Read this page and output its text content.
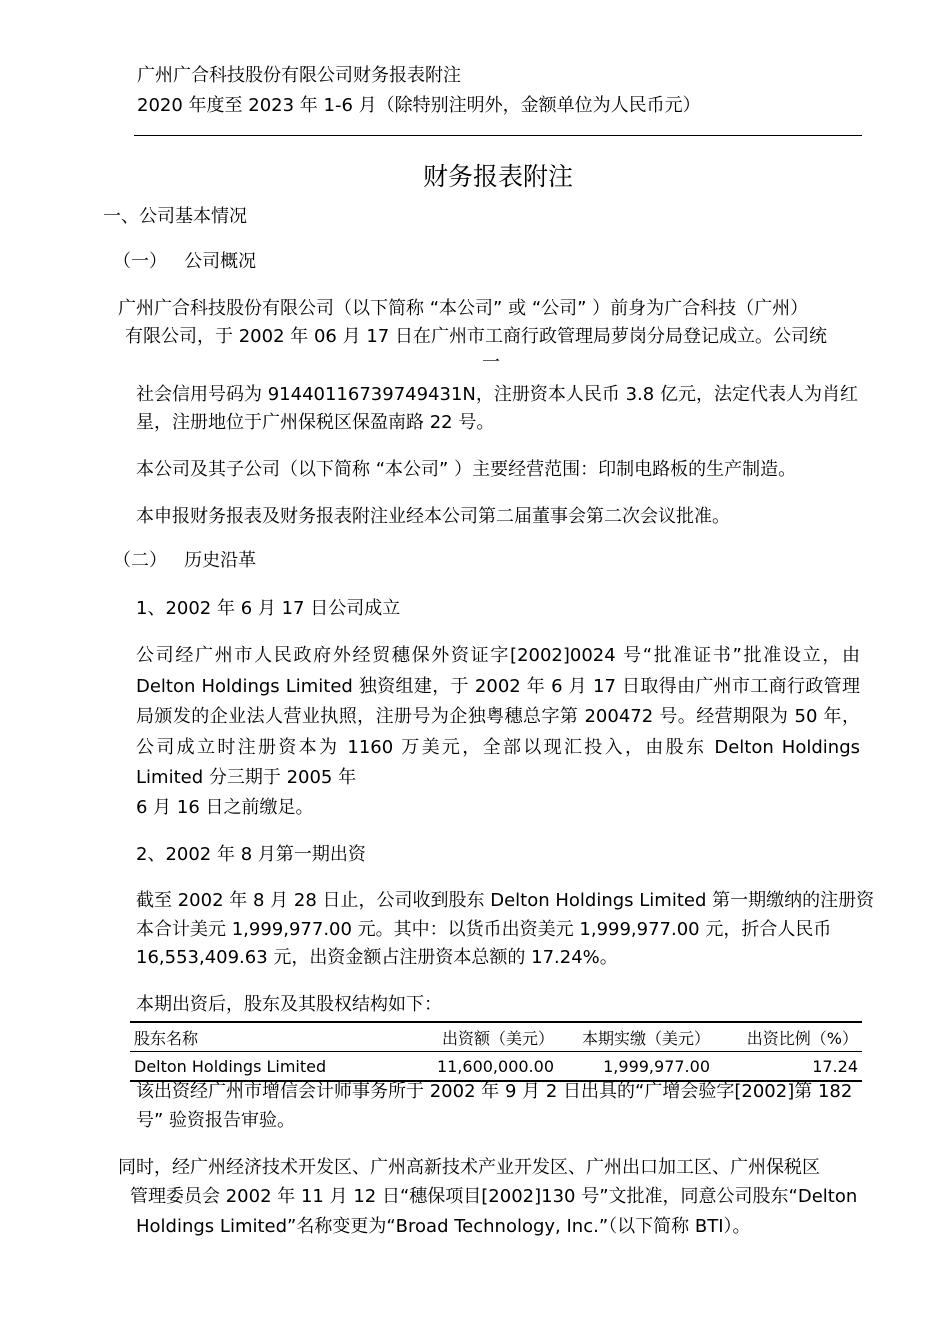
广州广合科技股份有限公司财务报表附注
2020 年度至 2023 年 1-6 月（除特别注明外，金额单位为人民币元）
财务报表附注
一、公司基本情况
（一）   公司概况
广州广合科技股份有限公司（以下简称 “本公司” 或 “公司” ）前身为广合科技（广州）
有限公司，于 2002 年 06 月 17 日在广州市工商行政管理局萝岗分局登记成立。公司统
一
社会信用号码为 91440116739749431N，注册资本人民币 3.8 亿元，法定代表人为肖红
星，注册地位于广州保税区保盈南路 22 号。
本公司及其子公司（以下简称 “本公司” ）主要经营范围：印制电路板的生产制造。
本申报财务报表及财务报表附注业经本公司第二届董事会第二次会议批准。
（二）   历史沿革
1、2002 年 6 月 17 日公司成立
公司经广州市人民政府外经贸穗保外资证字[2002]0024 号“批准证书”批准设立，由 Delton Holdings Limited 独资组建，于 2002 年 6 月 17 日取得由广州市工商行政管理局颁发的企业法人营业执照，注册号为企独粤穗总字第 200472 号。经营期限为 50 年，公司成立时注册资本为 1160 万美元，全部以现汇投入，由股东 Delton Holdings Limited 分三期于 2005 年
6 月 16 日之前缴足。
2、2002 年 8 月第一期出资
截至 2002 年 8 月 28 日止，公司收到股东 Delton Holdings Limited 第一期缴纳的注册资
本合计美元 1,999,977.00 元。其中：以货币出资美元 1,999,977.00 元，折合人民币
16,553,409.63 元，出资金额占注册资本总额的 17.24%。
本期出资后，股东及其股权结构如下：
股东名称	出资额（美元）	本期实缴（美元）	出资比例（%）
Delton Holdings Limited	11,600,000.00	1,999,977.00	17.24
该出资经广州市增信会计师事务所于 2002 年 9 月 2 日出具的“广增会验字[2002]第 182
号” 验资报告审验。
同时，经广州经济技术开发区、广州高新技术产业开发区、广州出口加工区、广州保税区
管理委员会 2002 年 11 月 12 日“穗保项目[2002]130 号”文批准，同意公司股东“Delton
Holdings Limited”名称变更为“Broad Technology, Inc.”（以下简称 BTI）。
